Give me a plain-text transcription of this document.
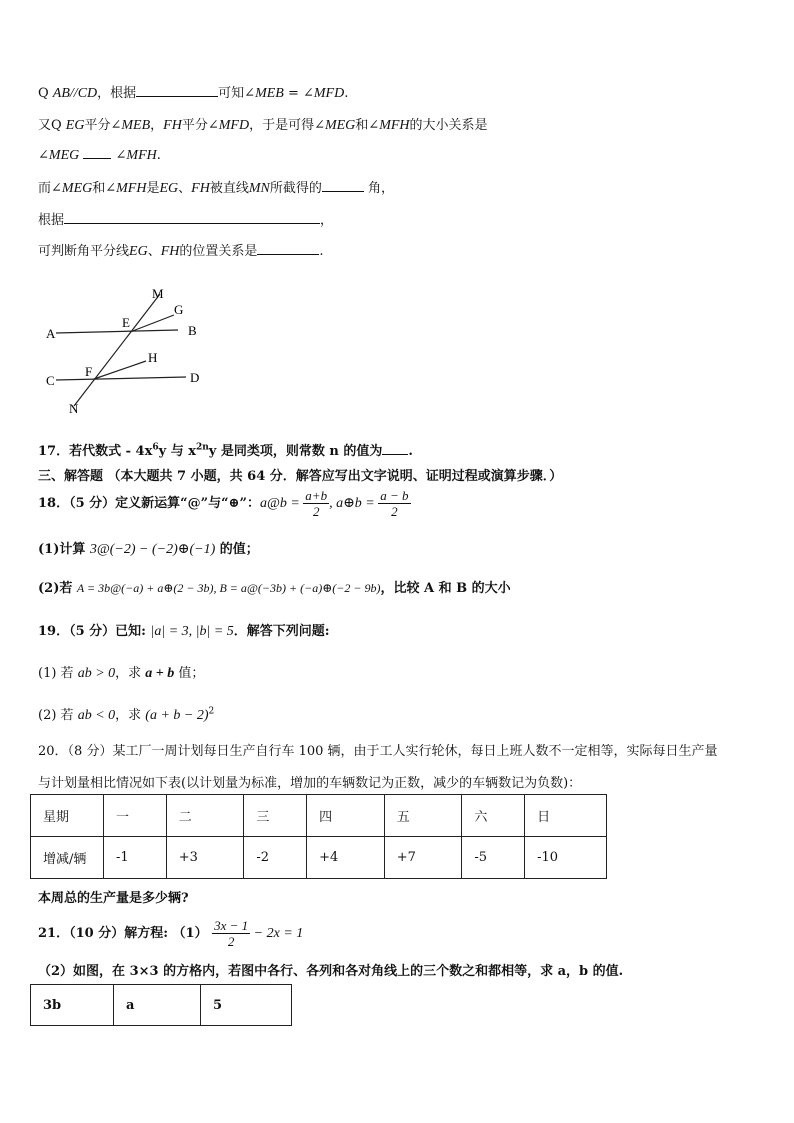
Q AB//CD，根据	可知∠MEB = ∠MFD.
又Q EG平分∠MEB，FH平分∠MFD，于是可得∠MEG和∠MFH的大小关系是
∠MEG	∠MFH.
而∠MEG和∠MFH是EG、FH被直线MN所截得的	角，
根据	，
可判断角平分线EG、FH的位置关系是	.
M
G
E
B
A
H
F
C	D
N
17．若代数式 - $4x^6y$ 与 $x^{2n}y$ 是同类项，则常数 n 的值为 .
三、解答题 （本大题共 7 小题，共 64 分．解答应写出文字说明、证明过程或演算步骤．）
18．（5 分）定义新运算“@”与“⊕”：a@b = $\frac{a+b}{2}$ , a⊕b = $\frac{a - b}{2}$
(1)计算 3@(−2) − (−2)⊕(−1) 的值；
(2)若 A = 3b@(−a) + a⊕(2 − 3b), B = a@(−3b) + (−a)⊕(−2 − 9b)，比较 A 和 B 的大小
19．（5 分）已知: |a| = 3, |b| = 5．解答下列问题:
(1) 若 ab > 0，求 a + b 值；
(2) 若 ab < 0，求 $(a + b - 2)^2$
20．（8 分）某工厂一周计划每日生产自行车 100 辆，由于工人实行轮休，每日上班人数不一定相等，实际每日生产量
与计划量相比情况如下表(以计划量为标准，增加的车辆数记为正数，减少的车辆数记为负数)：
星期	一	二	三	四	五	六	日
增减/辆	-1	+3	-2	+4	+7	-5	-10
本周总的生产量是多少辆?
21．（10 分）解方程: $(1) \frac{3x - 1}{2} - 2x = 1$
（2）如图，在 3×3 的方格内，若图中各行、各列和各对角线上的三个数之和都相等，求 a，b 的值.
3b	a	5
